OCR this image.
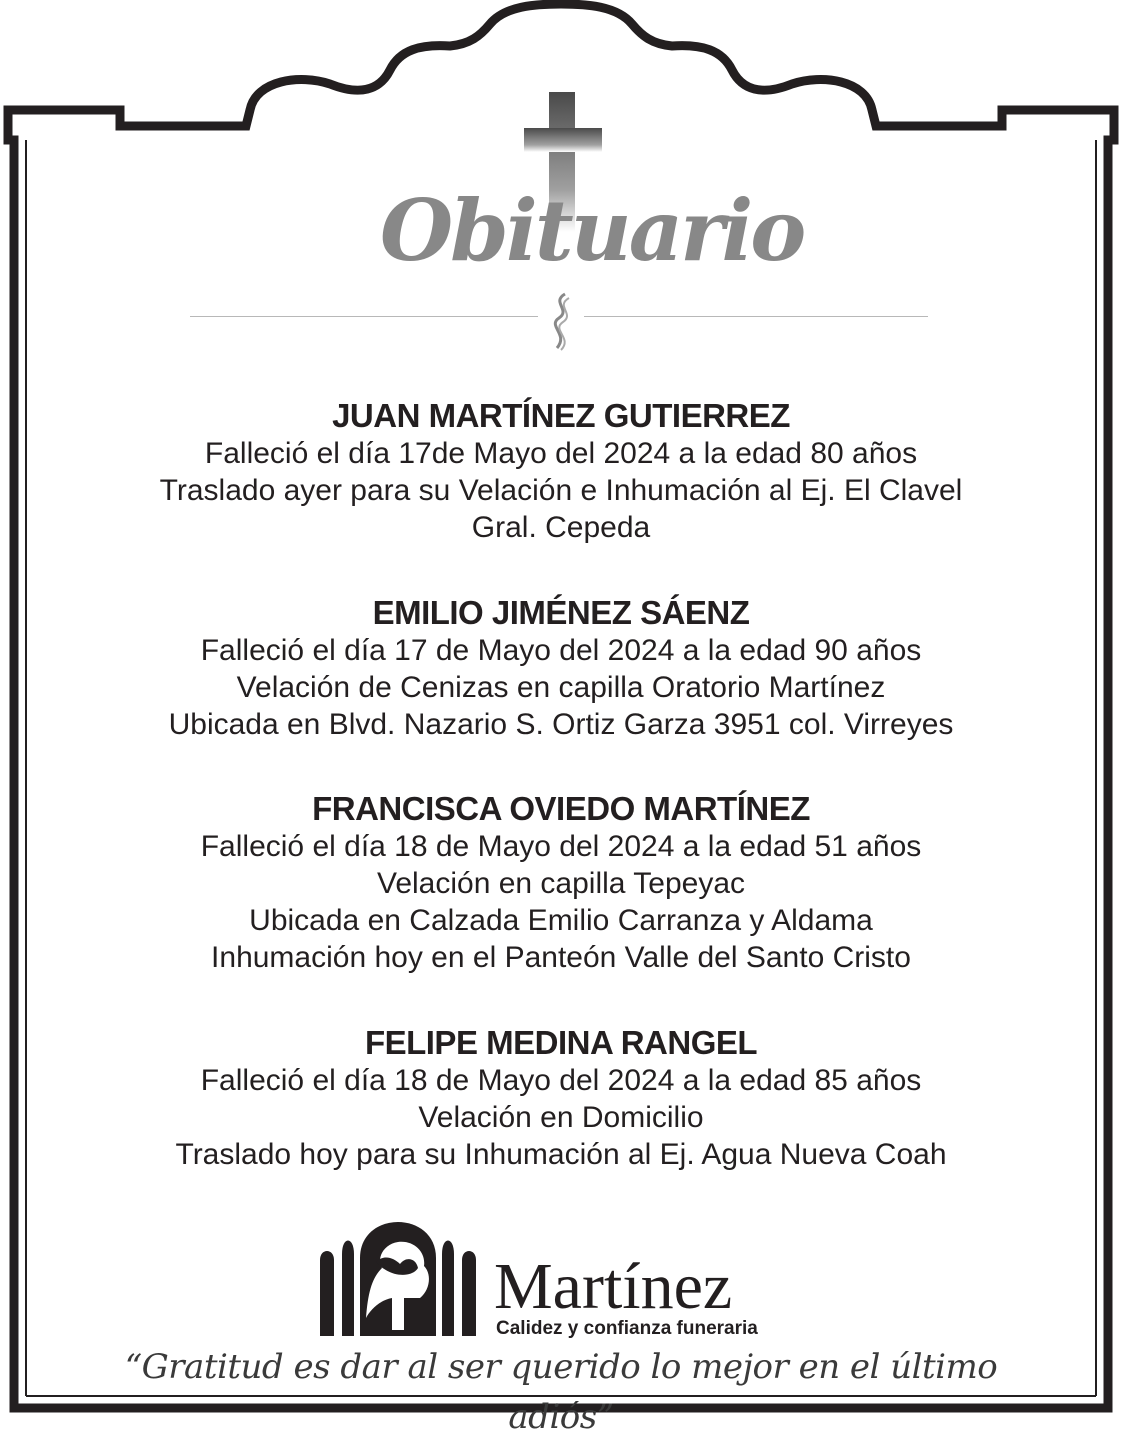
Obituario

JUAN MARTÍNEZ GUTIERREZ

Falleció el día 17de Mayo del 2024 a la edad 80 años

Traslado ayer para su Velación e Inhumación al Ej. El Clavel

Gral. Cepeda

EMILIO JIMÉNEZ SÁENZ

Falleció el día 17 de Mayo del 2024 a la edad 90 años

Velación de Cenizas en capilla Oratorio Martínez

Ubicada en Blvd. Nazario S. Ortiz Garza 3951 col. Virreyes

FRANCISCA OVIEDO MARTÍNEZ

Falleció el día 18 de Mayo del 2024 a la edad 51 años

Velación en capilla Tepeyac

Ubicada en Calzada Emilio Carranza y Aldama

Inhumación hoy en el Panteón Valle del Santo Cristo

FELIPE MEDINA RANGEL

Falleció el día 18 de Mayo del 2024 a la edad 85 años

Velación en Domicilio

Traslado hoy para su Inhumación al Ej. Agua Nueva Coah

Martínez

Calidez y confianza funeraria

“Gratitud es dar al ser querido lo mejor en el último adiós”
